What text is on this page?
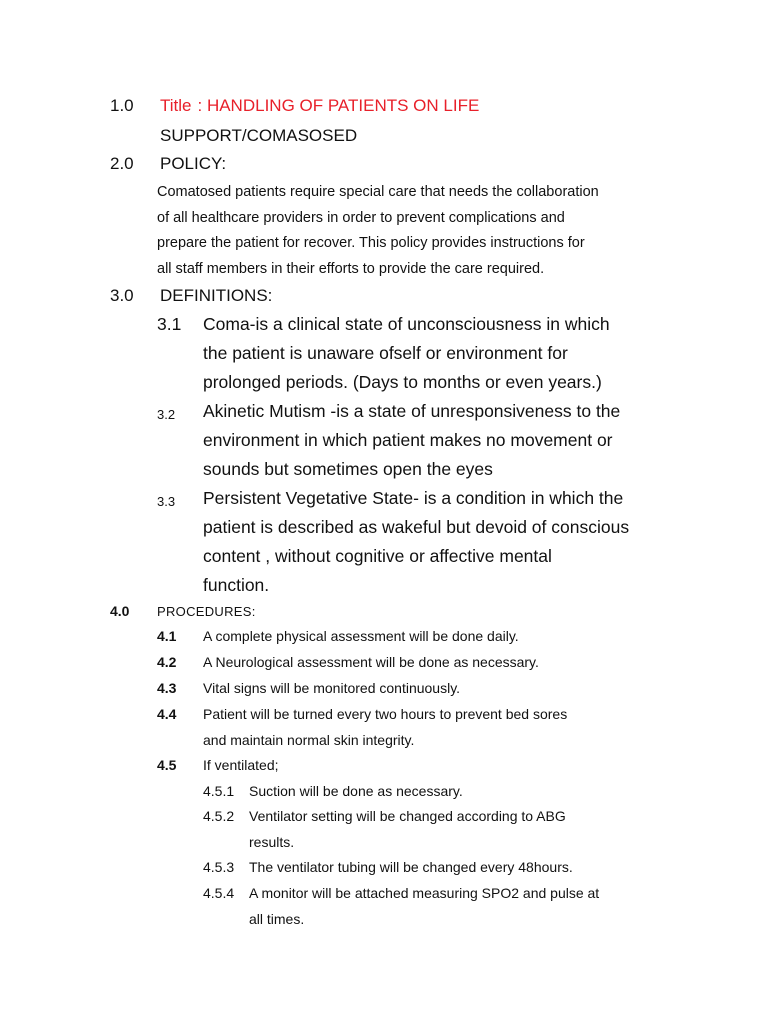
1.0	Title : HANDLING OF PATIENTS ON LIFE
SUPPORT/COMASOSED
2.0	POLICY:
Comatosed patients require special care that needs the collaboration
of all healthcare providers in order to prevent complications and
prepare the patient for recover. This policy provides instructions for
all staff members in their efforts to provide the care required.
3.0	DEFINITIONS:
3.1 Coma-is a clinical state of unconsciousness in which
the patient is unaware ofself or environment for
prolonged periods. (Days to months or even years.)
3.2 Akinetic Mutism -is a state of unresponsiveness to the
environment in which patient makes no movement or
sounds but sometimes open the eyes
3.3 Persistent Vegetative State- is a condition in which the
patient is described as wakeful but devoid of conscious
content , without cognitive or affective mental
function.
4.0	PROCEDURES:
4.1 A complete physical assessment will be done daily.
4.2 A Neurological assessment will be done as necessary.
4.3 Vital signs will be monitored continuously.
4.4 Patient will be turned every two hours to prevent bed sores
and maintain normal skin integrity.
4.5 If ventilated;
4.5.1 Suction will be done as necessary.
4.5.2 Ventilator setting will be changed according to ABG
results.
4.5.3 The ventilator tubing will be changed every 48hours.
4.5.4 A monitor will be attached measuring SPO2 and pulse at
all times.
